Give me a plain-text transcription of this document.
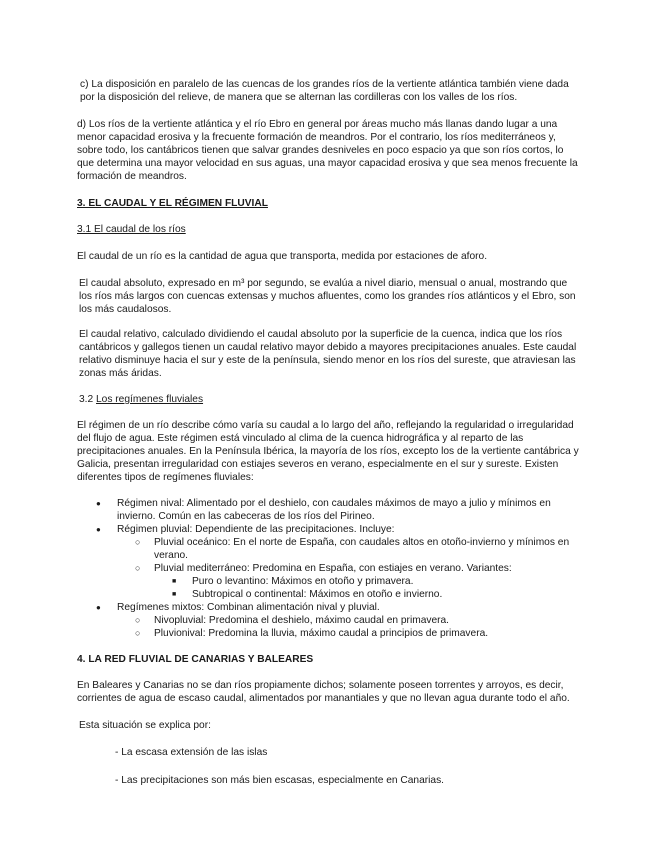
c) La disposición en paralelo de las cuencas de los grandes ríos de la vertiente atlántica también viene dada por la disposición del relieve, de manera que se alternan las cordilleras con los valles de los ríos.

d) Los ríos de la vertiente atlántica y el río Ebro en general por áreas mucho más llanas dando lugar a una menor capacidad erosiva y la frecuente formación de meandros. Por el contrario, los ríos mediterráneos y, sobre todo, los cantábricos tienen que salvar grandes desniveles en poco espacio ya que son ríos cortos, lo que determina una mayor velocidad en sus aguas, una mayor capacidad erosiva y que sea menos frecuente la formación de meandros.

3. EL CAUDAL Y EL RÉGIMEN FLUVIAL

3.1 El caudal de los ríos

El caudal de un río es la cantidad de agua que transporta, medida por estaciones de aforo.

El caudal absoluto, expresado en m³ por segundo, se evalúa a nivel diario, mensual o anual, mostrando que los ríos más largos con cuencas extensas y muchos afluentes, como los grandes ríos atlánticos y el Ebro, son los más caudalosos.

El caudal relativo, calculado dividiendo el caudal absoluto por la superficie de la cuenca, indica que los ríos cantábricos y gallegos tienen un caudal relativo mayor debido a mayores precipitaciones anuales. Este caudal relativo disminuye hacia el sur y este de la península, siendo menor en los ríos del sureste, que atraviesan las zonas más áridas.

3.2 Los regímenes fluviales

El régimen de un río describe cómo varía su caudal a lo largo del año, reflejando la regularidad o irregularidad del flujo de agua. Este régimen está vinculado al clima de la cuenca hidrográfica y al reparto de las precipitaciones anuales. En la Península Ibérica, la mayoría de los ríos, excepto los de la vertiente cantábrica y Galicia, presentan irregularidad con estiajes severos en verano, especialmente en el sur y sureste. Existen diferentes tipos de regímenes fluviales:

● Régimen nival: Alimentado por el deshielo, con caudales máximos de mayo a julio y mínimos en invierno. Común en las cabeceras de los ríos del Pirineo.
● Régimen pluvial: Dependiente de las precipitaciones. Incluye:
○ Pluvial oceánico: En el norte de España, con caudales altos en otoño-invierno y mínimos en verano.
○ Pluvial mediterráneo: Predomina en España, con estiajes en verano. Variantes:
■ Puro o levantino: Máximos en otoño y primavera.
■ Subtropical o continental: Máximos en otoño e invierno.
● Regímenes mixtos: Combinan alimentación nival y pluvial.
○ Nivopluvial: Predomina el deshielo, máximo caudal en primavera.
○ Pluvionival: Predomina la lluvia, máximo caudal a principios de primavera.

4. LA RED FLUVIAL DE CANARIAS Y BALEARES

En Baleares y Canarias no se dan ríos propiamente dichos; solamente poseen torrentes y arroyos, es decir, corrientes de agua de escaso caudal, alimentados por manantiales y que no llevan agua durante todo el año.

Esta situación se explica por:

- La escasa extensión de las islas

- Las precipitaciones son más bien escasas, especialmente en Canarias.
